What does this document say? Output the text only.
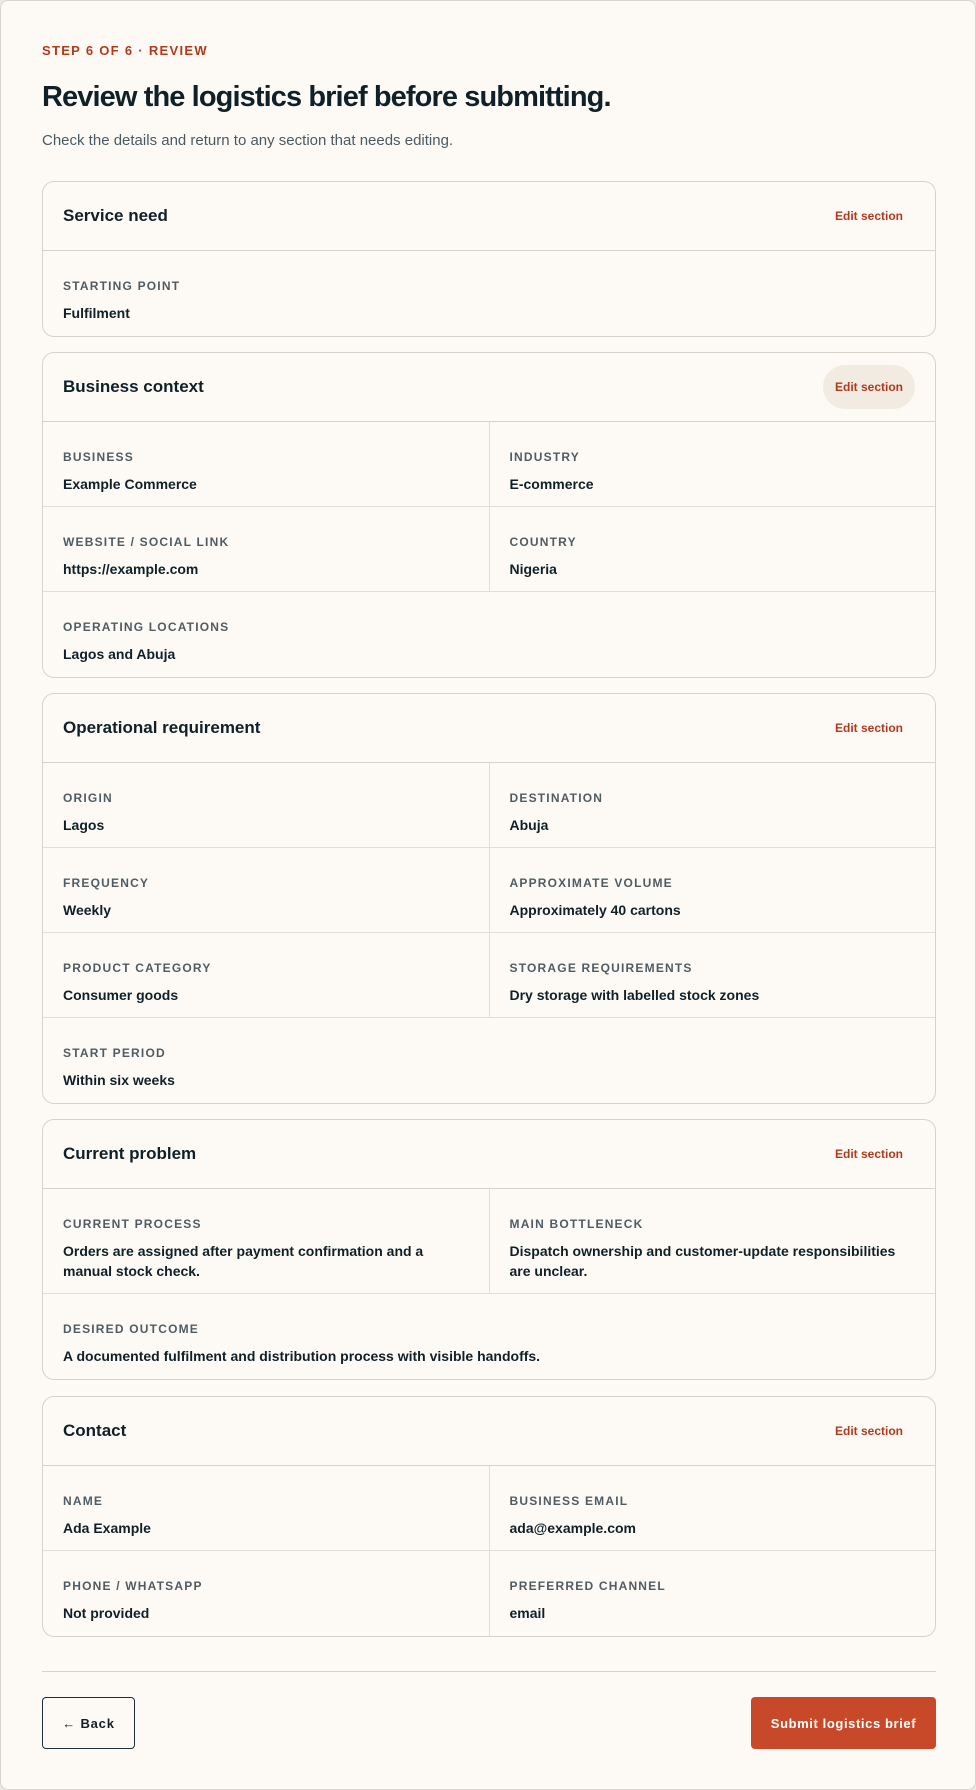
STEP 6 OF 6 · REVIEW
Review the logistics brief before submitting.

Check the details and return to any section that needs editing.

Service need	Edit section
STARTING POINT
Fulfilment
Business context	Edit section
BUSINESS
Example Commerce
INDUSTRY
E-commerce
WEBSITE / SOCIAL LINK
https://example.com
COUNTRY
Nigeria
OPERATING LOCATIONS
Lagos and Abuja
Operational requirement	Edit section
ORIGIN
Lagos
DESTINATION
Abuja
FREQUENCY
Weekly
APPROXIMATE VOLUME
Approximately 40 cartons
PRODUCT CATEGORY
Consumer goods
STORAGE REQUIREMENTS
Dry storage with labelled stock zones
START PERIOD
Within six weeks
Current problem	Edit section
CURRENT PROCESS
Orders are assigned after payment confirmation and a manual stock check.
MAIN BOTTLENECK
Dispatch ownership and customer-update responsibilities are unclear.
DESIRED OUTCOME
A documented fulfilment and distribution process with visible handoffs.
Contact	Edit section
NAME
Ada Example
BUSINESS EMAIL
ada@example.com
PHONE / WHATSAPP
Not provided
PREFERRED CHANNEL
email
← Back	Submit logistics brief
